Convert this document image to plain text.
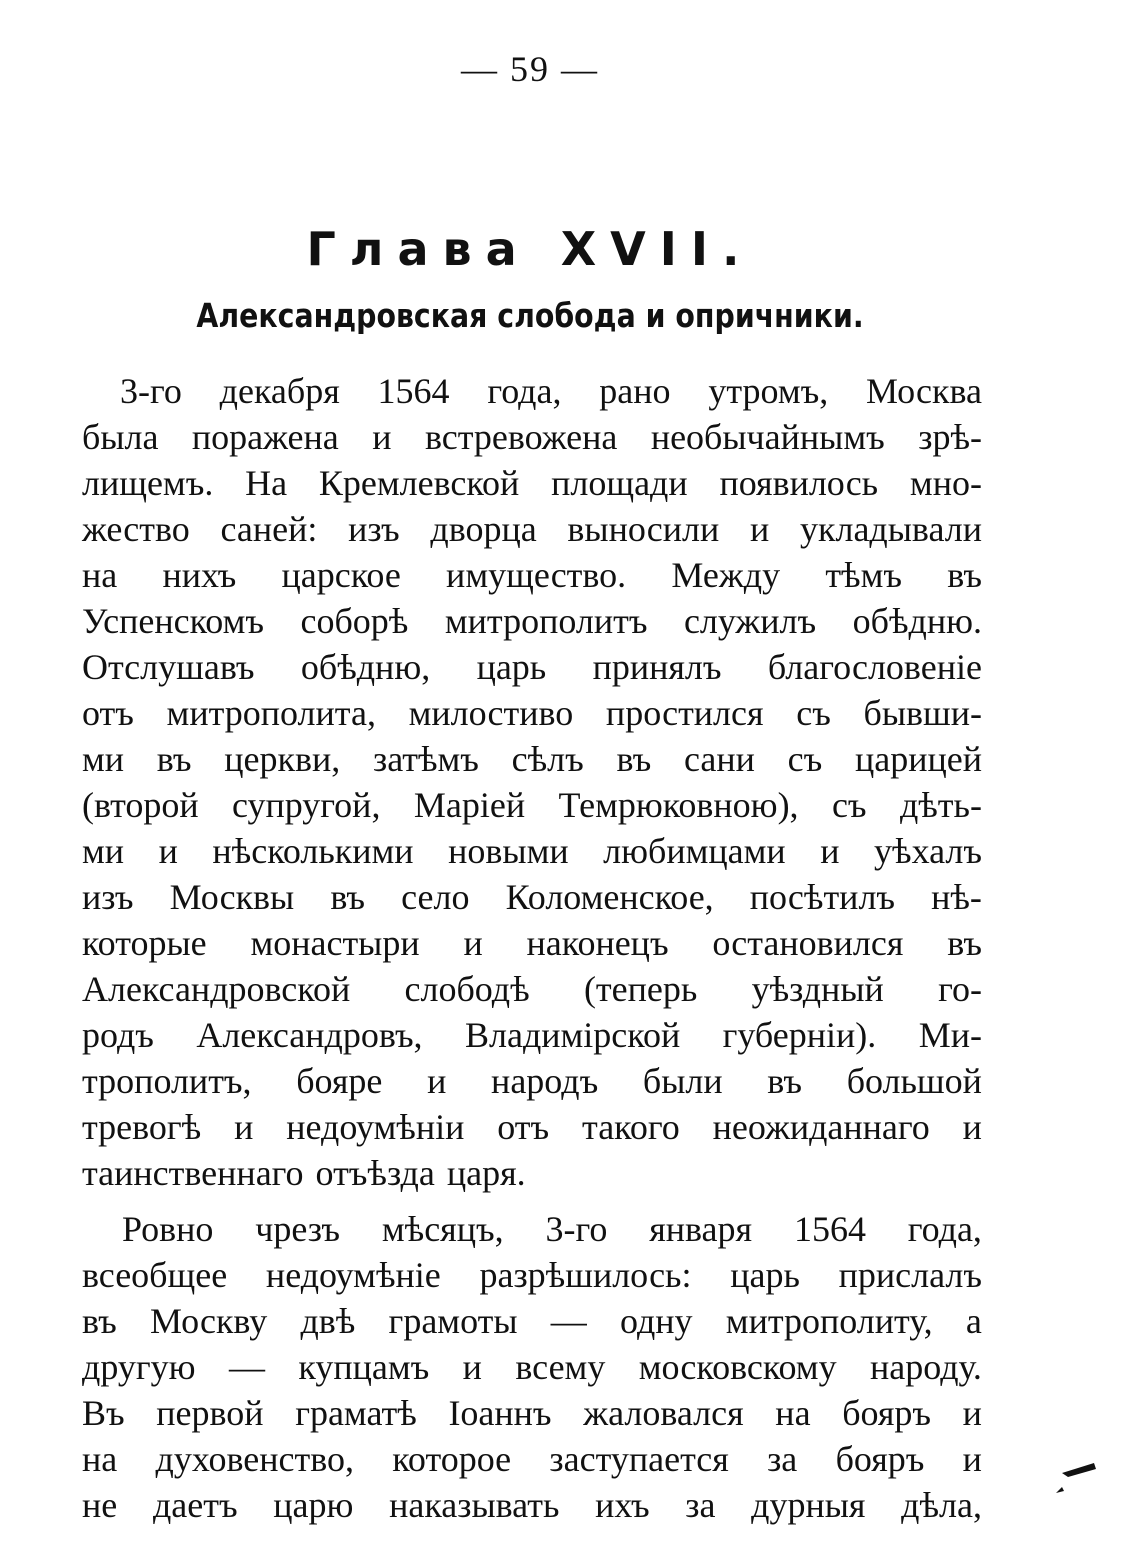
— 59 —
Глава XVII.
Александровская слобода и опричники.
3-го декабря 1564 года, рано утромъ, Москва
была поражена и встревожена необычайнымъ зрѣ-
лищемъ. На Кремлевской площади появилось мно-
жество саней: изъ дворца выносили и укладывали
на нихъ царское имущество. Между тѣмъ въ
Успенскомъ соборѣ митрополитъ служилъ обѣдню.
Отслушавъ обѣдню, царь принялъ благословеніе
отъ митрополита, милостиво простился съ бывши-
ми въ церкви, затѣмъ сѣлъ въ сани съ царицей
(второй супругой, Маріей Темрюковною), съ дѣть-
ми и нѣсколькими новыми любимцами и уѣхалъ
изъ Москвы въ село Коломенское, посѣтилъ нѣ-
которые монастыри и наконецъ остановился въ
Александровской слободѣ (теперь уѣздный го-
родъ Александровъ, Владимірской губерніи). Ми-
трополитъ, бояре и народъ были въ большой
тревогѣ и недоумѣніи отъ такого неожиданнаго и
таинственнаго отъѣзда царя.
Ровно чрезъ мѣсяцъ, 3-го января 1564 года,
всеобщее недоумѣніе разрѣшилось: царь прислалъ
въ Москву двѣ грамоты — одну митрополиту, а
другую — купцамъ и всему московскому народу.
Въ первой граматѣ Іоаннъ жаловался на бояръ и
на духовенство, которое заступается за бояръ и
не даетъ царю наказывать ихъ за дурныя дѣла,
